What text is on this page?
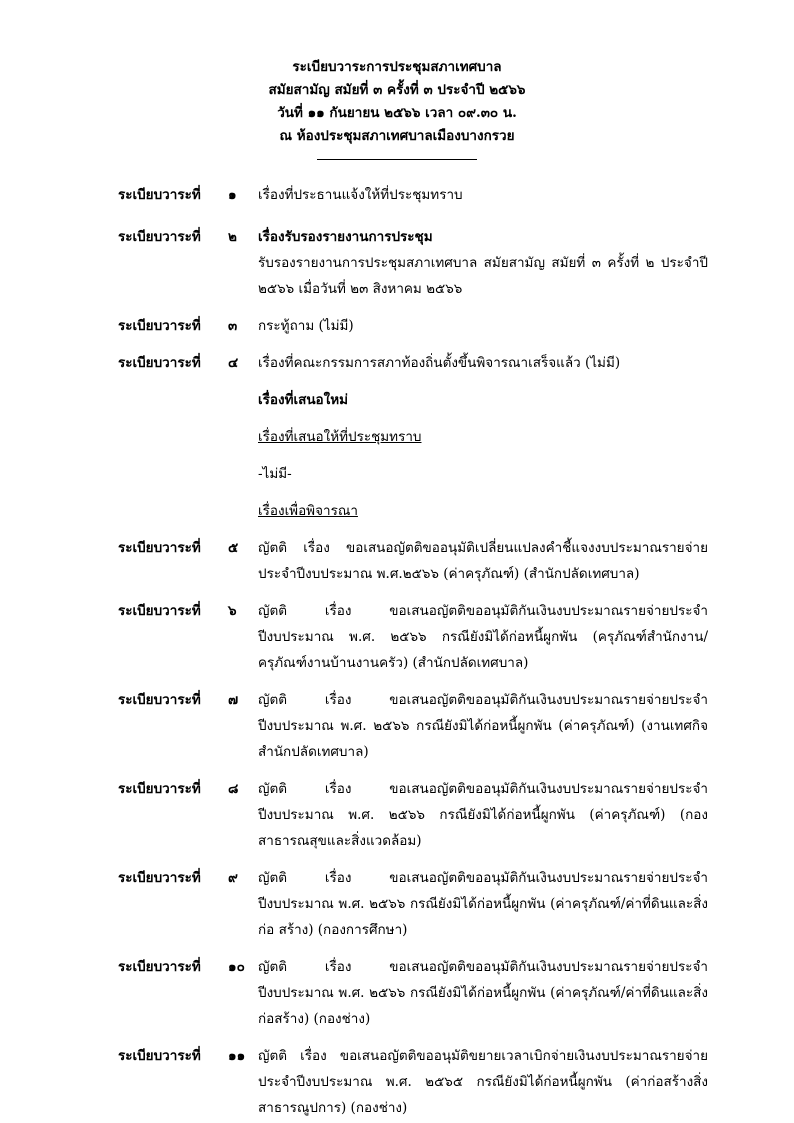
ระเบียบวาระการประชุมสภาเทศบาล
สมัยสามัญ สมัยที่ ๓ ครั้งที่ ๓ ประจำปี ๒๕๖๖
วันที่ ๑๑ กันยายน ๒๕๖๖ เวลา ๐๙.๓๐ น.
ณ ห้องประชุมสภาเทศบาลเมืองบางกรวย
ระเบียบวาระที่	๑	เรื่องที่ประธานแจ้งให้ที่ประชุมทราบ
ระเบียบวาระที่	๒	เรื่องรับรองรายงานการประชุม
รับรองรายงานการประชุมสภาเทศบาล สมัยสามัญ สมัยที่ ๓ ครั้งที่ ๒ ประจำปี ๒๕๖๖ เมื่อวันที่ ๒๓ สิงหาคม ๒๕๖๖
ระเบียบวาระที่	๓	กระทู้ถาม (ไม่มี)
ระเบียบวาระที่	๔	เรื่องที่คณะกรรมการสภาท้องถิ่นตั้งขึ้นพิจารณาเสร็จแล้ว (ไม่มี)
เรื่องที่เสนอใหม่
เรื่องที่เสนอให้ที่ประชุมทราบ
-ไม่มี-
เรื่องเพื่อพิจารณา
ระเบียบวาระที่	๕	ญัตติ เรื่อง ขอเสนอญัตติขออนุมัติเปลี่ยนแปลงคำชี้แจงงบประมาณรายจ่ายประจำปีงบประมาณ พ.ศ.๒๕๖๖ (ค่าครุภัณฑ์) (สำนักปลัดเทศบาล)
ระเบียบวาระที่	๖	ญัตติ เรื่อง ขอเสนอญัตติขออนุมัติกันเงินงบประมาณรายจ่ายประจำปีงบประมาณ พ.ศ. ๒๕๖๖ กรณียังมิได้ก่อหนี้ผูกพัน (ครุภัณฑ์สำนักงาน/ครุภัณฑ์งานบ้านงานครัว) (สำนักปลัดเทศบาล)
ระเบียบวาระที่	๗	ญัตติ เรื่อง ขอเสนอญัตติขออนุมัติกันเงินงบประมาณรายจ่ายประจำปีงบประมาณ พ.ศ. ๒๕๖๖ กรณียังมิได้ก่อหนี้ผูกพัน (ค่าครุภัณฑ์) (งานเทศกิจสำนักปลัดเทศบาล)
ระเบียบวาระที่	๘	ญัตติ เรื่อง ขอเสนอญัตติขออนุมัติกันเงินงบประมาณรายจ่ายประจำปีงบประมาณ พ.ศ. ๒๕๖๖ กรณียังมิได้ก่อหนี้ผูกพัน (ค่าครุภัณฑ์) (กองสาธารณสุขและสิ่งแวดล้อม)
ระเบียบวาระที่	๙	ญัตติ เรื่อง ขอเสนอญัตติขออนุมัติกันเงินงบประมาณรายจ่ายประจำปีงบประมาณ พ.ศ. ๒๕๖๖ กรณียังมิได้ก่อหนี้ผูกพัน (ค่าครุภัณฑ์/ค่าที่ดินและสิ่งก่อ สร้าง) (กองการศึกษา)
ระเบียบวาระที่	๑๐ ญัตติ เรื่อง ขอเสนอญัตติขออนุมัติกันเงินงบประมาณรายจ่ายประจำปีงบประมาณ พ.ศ. ๒๕๖๖ กรณียังมิได้ก่อหนี้ผูกพัน (ค่าครุภัณฑ์/ค่าที่ดินและสิ่งก่อสร้าง) (กองช่าง)
ระเบียบวาระที่	๑๑ ญัตติ เรื่อง ขอเสนอญัตติขออนุมัติขยายเวลาเบิกจ่ายเงินงบประมาณรายจ่ายประจำปีงบประมาณ พ.ศ. ๒๕๖๕ กรณียังมิได้ก่อหนี้ผูกพัน (ค่าก่อสร้างสิ่งสาธารณูปการ) (กองช่าง)
